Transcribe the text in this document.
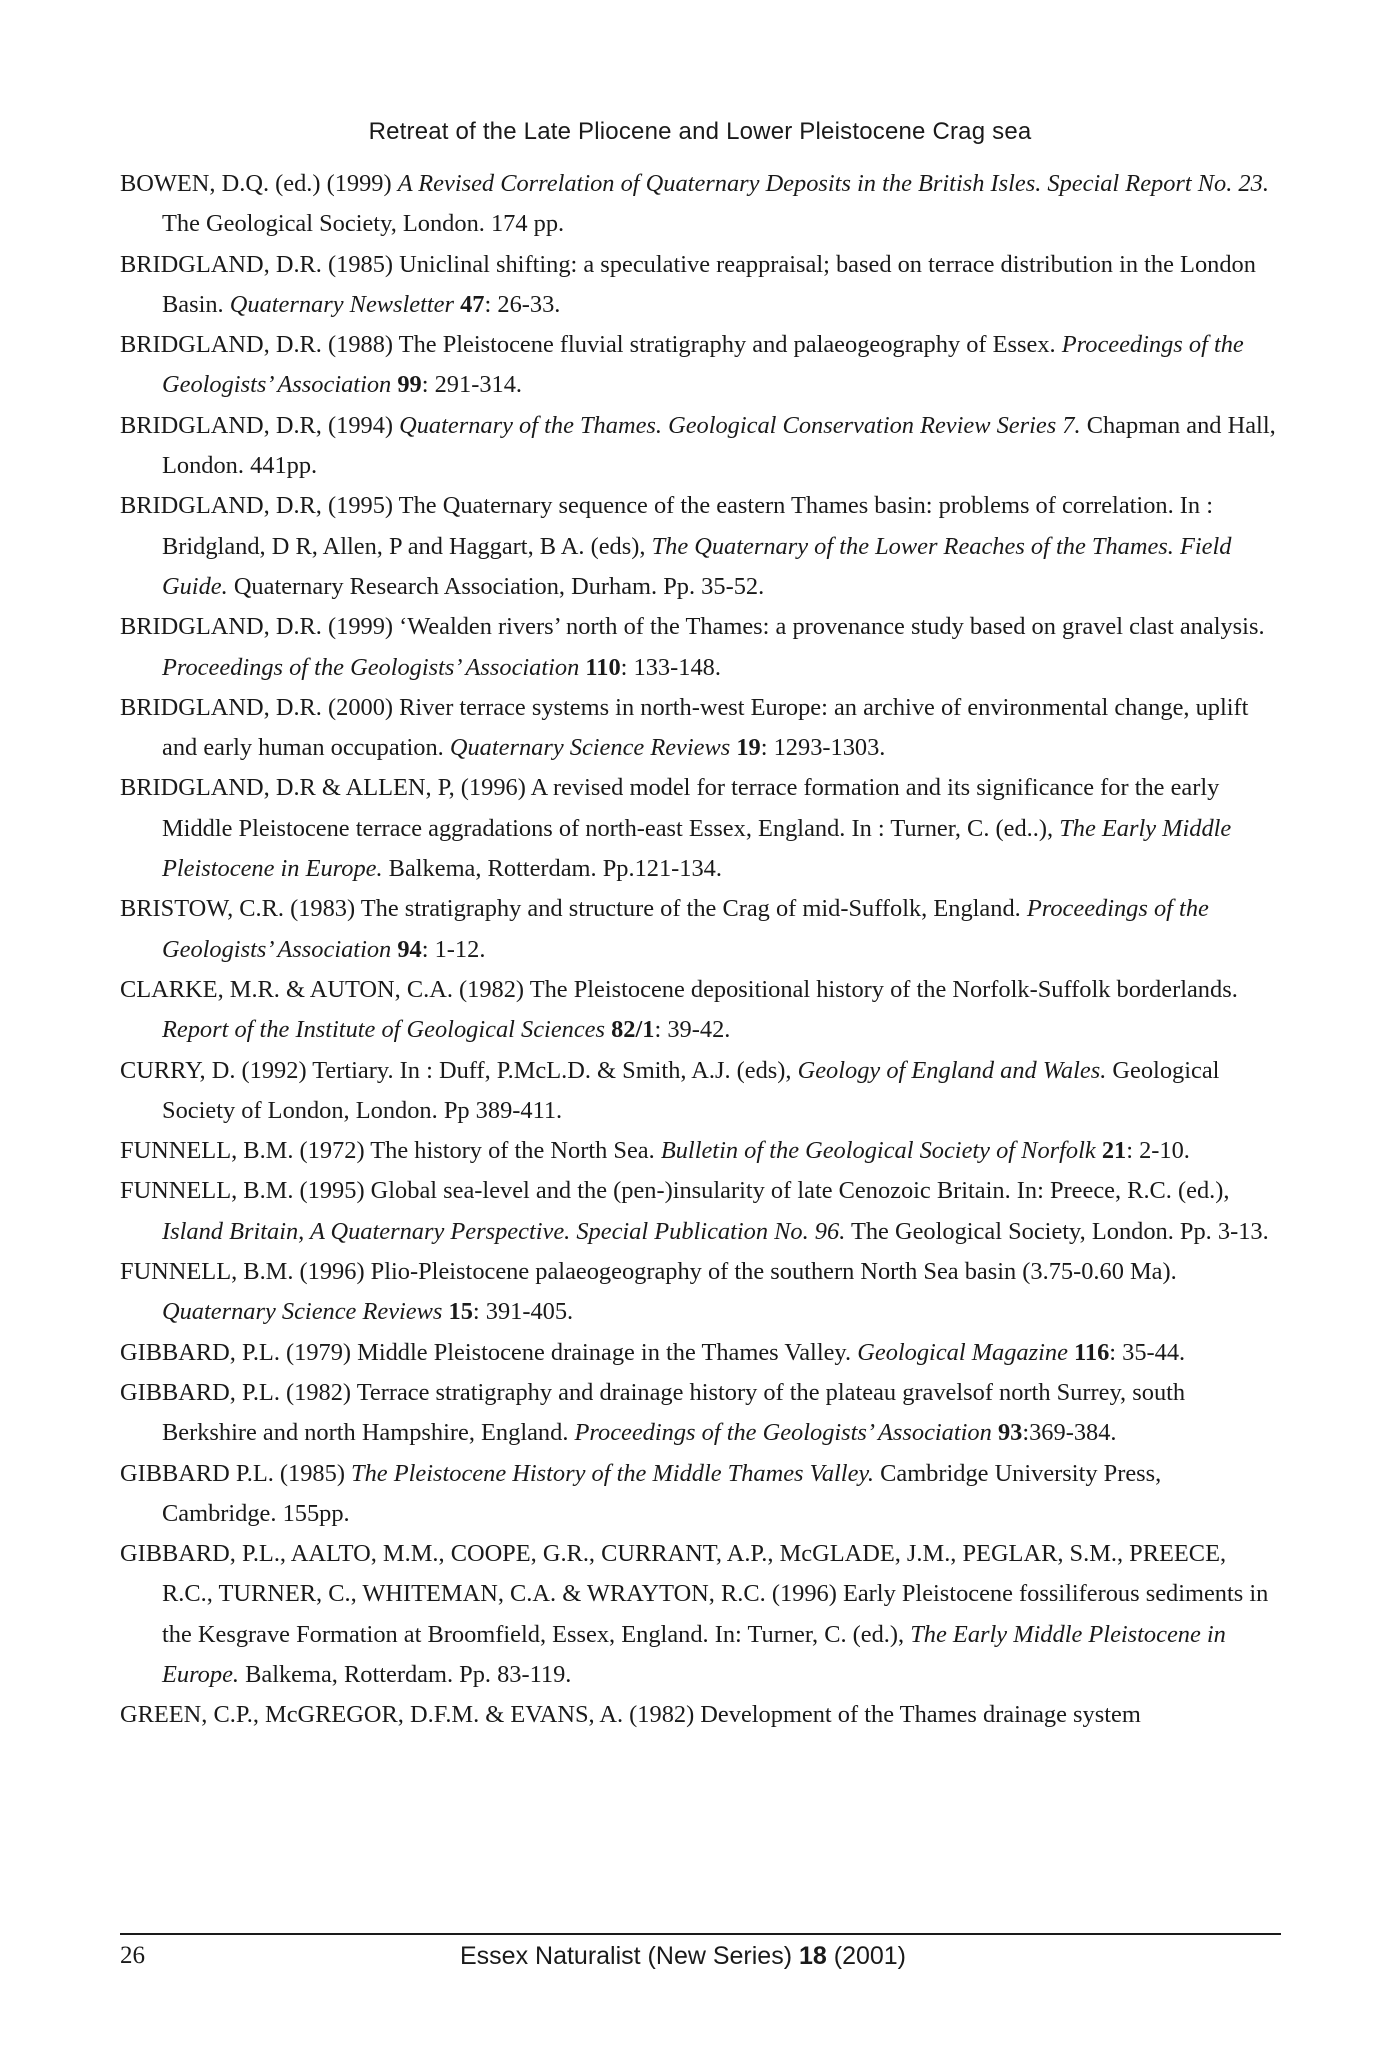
Retreat of the Late Pliocene and Lower Pleistocene Crag sea
BOWEN, D.Q. (ed.) (1999) A Revised Correlation of Quaternary Deposits in the British Isles. Special Report No. 23. The Geological Society, London. 174 pp.
BRIDGLAND, D.R. (1985) Uniclinal shifting: a speculative reappraisal; based on terrace distribution in the London Basin. Quaternary Newsletter 47: 26-33.
BRIDGLAND, D.R. (1988) The Pleistocene fluvial stratigraphy and palaeogeography of Essex. Proceedings of the Geologists’ Association 99: 291-314.
BRIDGLAND, D.R, (1994) Quaternary of the Thames. Geological Conservation Review Series 7. Chapman and Hall, London. 441pp.
BRIDGLAND, D.R, (1995) The Quaternary sequence of the eastern Thames basin: problems of correlation. In : Bridgland, D R, Allen, P and Haggart, B A. (eds), The Quaternary of the Lower Reaches of the Thames. Field Guide. Quaternary Research Association, Durham. Pp. 35-52.
BRIDGLAND, D.R. (1999) ‘Wealden rivers’ north of the Thames: a provenance study based on gravel clast analysis. Proceedings of the Geologists’ Association 110: 133-148.
BRIDGLAND, D.R. (2000) River terrace systems in north-west Europe: an archive of environmental change, uplift and early human occupation. Quaternary Science Reviews 19: 1293-1303.
BRIDGLAND, D.R & ALLEN, P, (1996) A revised model for terrace formation and its significance for the early Middle Pleistocene terrace aggradations of north-east Essex, England. In : Turner, C. (ed..), The Early Middle Pleistocene in Europe. Balkema, Rotterdam. Pp.121-134.
BRISTOW, C.R. (1983) The stratigraphy and structure of the Crag of mid-Suffolk, England. Proceedings of the Geologists’ Association 94: 1-12.
CLARKE, M.R. & AUTON, C.A. (1982) The Pleistocene depositional history of the Norfolk-Suffolk borderlands. Report of the Institute of Geological Sciences 82/1: 39-42.
CURRY, D. (1992) Tertiary. In : Duff, P.McL.D. & Smith, A.J. (eds), Geology of England and Wales. Geological Society of London, London. Pp 389-411.
FUNNELL, B.M. (1972) The history of the North Sea. Bulletin of the Geological Society of Norfolk 21: 2-10.
FUNNELL, B.M. (1995) Global sea-level and the (pen-)insularity of late Cenozoic Britain. In: Preece, R.C. (ed.), Island Britain, A Quaternary Perspective. Special Publication No. 96. The Geological Society, London. Pp. 3-13.
FUNNELL, B.M. (1996) Plio-Pleistocene palaeogeography of the southern North Sea basin (3.75-0.60 Ma). Quaternary Science Reviews 15: 391-405.
GIBBARD, P.L. (1979) Middle Pleistocene drainage in the Thames Valley. Geological Magazine 116: 35-44.
GIBBARD, P.L. (1982) Terrace stratigraphy and drainage history of the plateau gravelsof north Surrey, south Berkshire and north Hampshire, England. Proceedings of the Geologists’ Association 93:369-384.
GIBBARD P.L. (1985) The Pleistocene History of the Middle Thames Valley. Cambridge University Press, Cambridge. 155pp.
GIBBARD, P.L., AALTO, M.M., COOPE, G.R., CURRANT, A.P., McGLADE, J.M., PEGLAR, S.M., PREECE, R.C., TURNER, C., WHITEMAN, C.A. & WRAYTON, R.C. (1996) Early Pleistocene fossiliferous sediments in the Kesgrave Formation at Broomfield, Essex, England. In: Turner, C. (ed.), The Early Middle Pleistocene in Europe. Balkema, Rotterdam. Pp. 83-119.
GREEN, C.P., McGREGOR, D.F.M. & EVANS, A. (1982) Development of the Thames drainage system
26	Essex Naturalist (New Series) 18 (2001)
